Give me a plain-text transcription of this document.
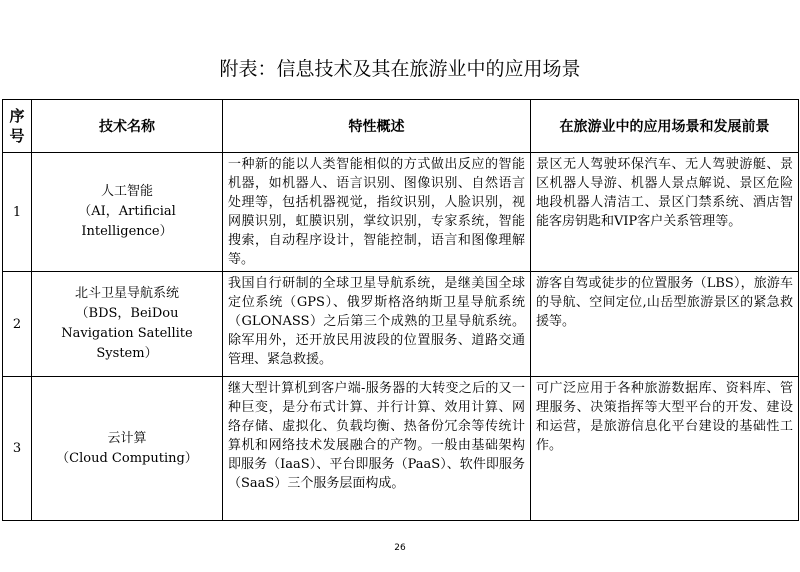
附表：信息技术及其在旅游业中的应用场景
序
号	技术名称	特性概述	在旅游业中的应用场景和发展前景
1	人工智能
（AI，Artificial
Intelligence）	一种新的能以人类智能相似的方式做出反应的智能机器，如机器人、语言识别、图像识别、自然语言处理等，包括机器视觉，指纹识别，人脸识别，视网膜识别，虹膜识别，掌纹识别，专家系统，智能搜索，自动程序设计，智能控制，语言和图像理解等。	景区无人驾驶环保汽车、无人驾驶游艇、景区机器人导游、机器人景点解说、景区危险地段机器人清洁工、景区门禁系统、酒店智能客房钥匙和VIP客户关系管理等。
2	北斗卫星导航系统
（BDS，BeiDou
Navigation Satellite
System）	我国自行研制的全球卫星导航系统，是继美国全球定位系统（GPS）、俄罗斯格洛纳斯卫星导航系统（GLONASS）之后第三个成熟的卫星导航系统。除军用外，还开放民用波段的位置服务、道路交通管理、紧急救援。	游客自驾或徒步的位置服务（LBS），旅游车的导航、空间定位,山岳型旅游景区的紧急救援等。
3	云计算
（Cloud Computing）	继大型计算机到客户端-服务器的大转变之后的又一种巨变，是分布式计算、并行计算、效用计算、网络存储、虚拟化、负载均衡、热备份冗余等传统计算机和网络技术发展融合的产物。一般由基础架构即服务（IaaS）、平台即服务（PaaS）、软件即服务（SaaS）三个服务层面构成。	可广泛应用于各种旅游数据库、资料库、管理服务、决策指挥等大型平台的开发、建设和运营，是旅游信息化平台建设的基础性工作。
26
